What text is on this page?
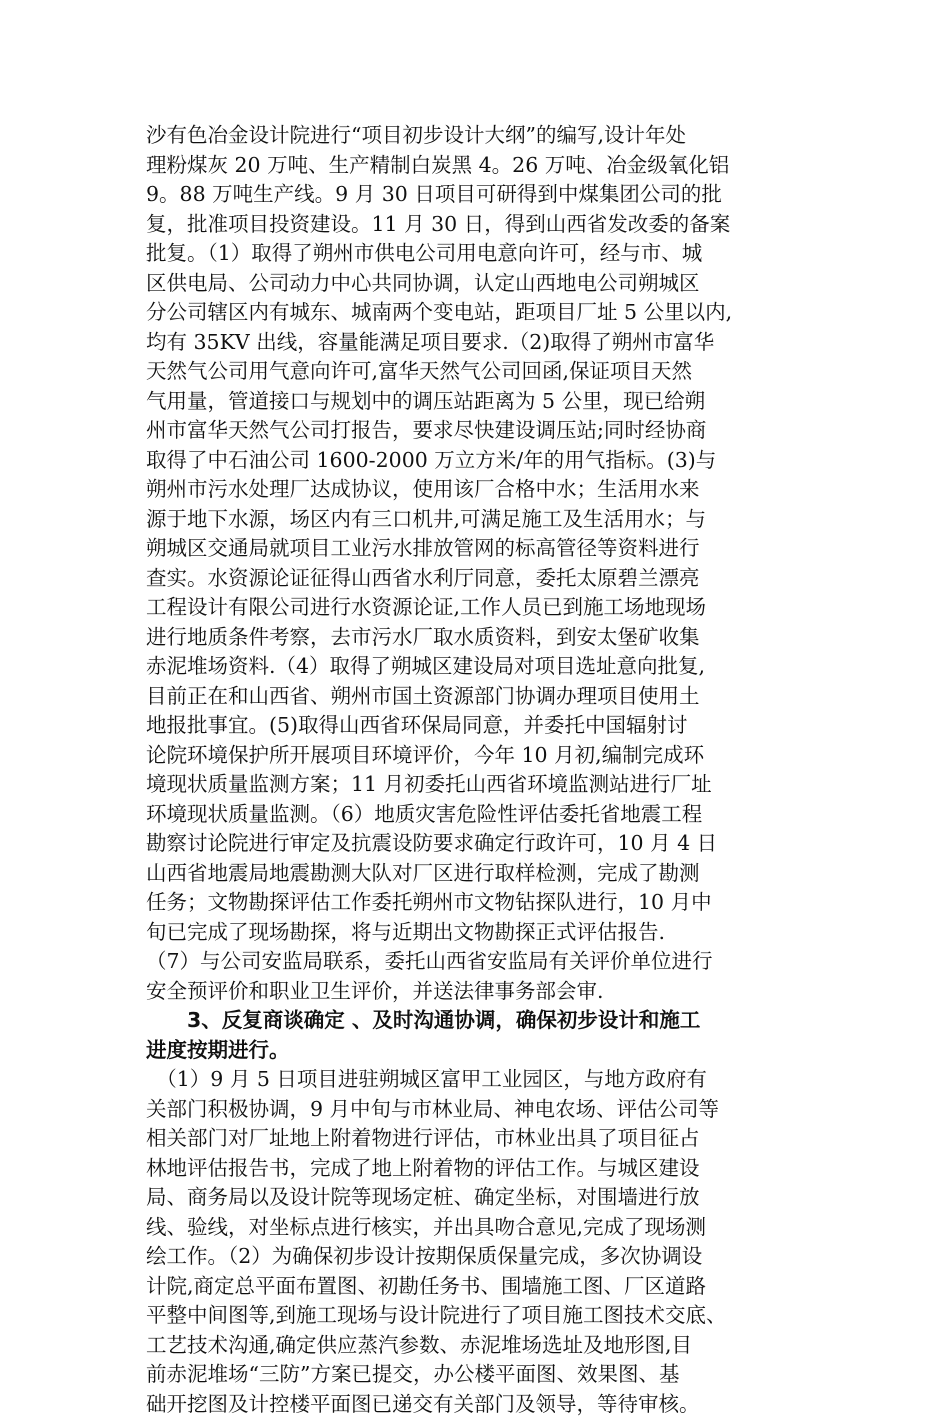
沙有色冶金设计院进行“项目初步设计大纲”的编写,设计年处
理粉煤灰 20 万吨、生产精制白炭黑 4。26 万吨、冶金级氧化铝
9。88 万吨生产线。9 月 30 日项目可研得到中煤集团公司的批
复，批准项目投资建设。11 月 30 日，得到山西省发改委的备案
批复。（1）取得了朔州市供电公司用电意向许可，经与市、城
区供电局、公司动力中心共同协调，认定山西地电公司朔城区
分公司辖区内有城东、城南两个变电站，距项目厂址 5 公里以内,
均有 35KV 出线，容量能满足项目要求.（2)取得了朔州市富华
天然气公司用气意向许可,富华天然气公司回函,保证项目天然
气用量，管道接口与规划中的调压站距离为 5 公里，现已给朔
州市富华天然气公司打报告，要求尽快建设调压站;同时经协商
取得了中石油公司 1600-2000 万立方米/年的用气指标。(3)与
朔州市污水处理厂达成协议，使用该厂合格中水；生活用水来
源于地下水源，场区内有三口机井,可满足施工及生活用水；与
朔城区交通局就项目工业污水排放管网的标高管径等资料进行
查实。水资源论证征得山西省水利厅同意，委托太原碧兰漂亮
工程设计有限公司进行水资源论证,工作人员已到施工场地现场
进行地质条件考察，去市污水厂取水质资料，到安太堡矿收集
赤泥堆场资料.（4）取得了朔城区建设局对项目选址意向批复,
目前正在和山西省、朔州市国土资源部门协调办理项目使用土
地报批事宜。(5)取得山西省环保局同意，并委托中国辐射讨
论院环境保护所开展项目环境评价，今年 10 月初,编制完成环
境现状质量监测方案；11 月初委托山西省环境监测站进行厂址
环境现状质量监测。（6）地质灾害危险性评估委托省地震工程
勘察讨论院进行审定及抗震设防要求确定行政许可，10 月 4 日
山西省地震局地震勘测大队对厂区进行取样检测，完成了勘测
任务；文物勘探评估工作委托朔州市文物钻探队进行，10 月中
旬已完成了现场勘探，将与近期出文物勘探正式评估报告.
（7）与公司安监局联系，委托山西省安监局有关评价单位进行
安全预评价和职业卫生评价，并送法律事务部会审.
　　3、反复商谈确定 、及时沟通协调，确保初步设计和施工
进度按期进行。
　（1）9 月 5 日项目进驻朔城区富甲工业园区，与地方政府有
关部门积极协调，9 月中旬与市林业局、神电农场、评估公司等
相关部门对厂址地上附着物进行评估，市林业出具了项目征占
林地评估报告书，完成了地上附着物的评估工作。与城区建设
局、商务局以及设计院等现场定桩、确定坐标，对围墙进行放
线、验线，对坐标点进行核实，并出具吻合意见,完成了现场测
绘工作。（2）为确保初步设计按期保质保量完成，多次协调设
计院,商定总平面布置图、初勘任务书、围墙施工图、厂区道路
平整中间图等,到施工现场与设计院进行了项目施工图技术交底、
工艺技术沟通,确定供应蒸汽参数、赤泥堆场选址及地形图,目
前赤泥堆场“三防”方案已提交，办公楼平面图、效果图、基
础开挖图及计控楼平面图已递交有关部门及领导，等待审核。
